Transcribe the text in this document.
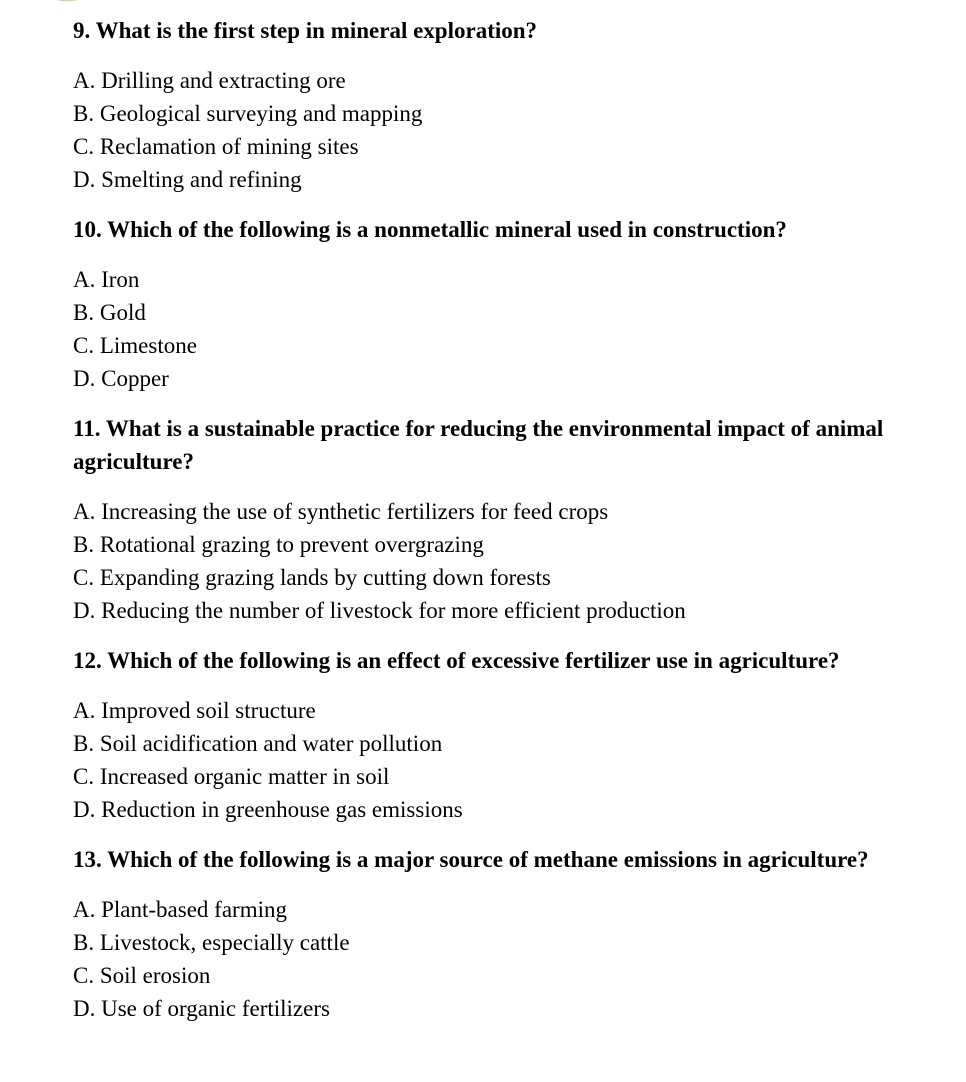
9. What is the first step in mineral exploration?
A. Drilling and extracting ore
B. Geological surveying and mapping
C. Reclamation of mining sites
D. Smelting and refining
10. Which of the following is a nonmetallic mineral used in construction?
A. Iron
B. Gold
C. Limestone
D. Copper
11. What is a sustainable practice for reducing the environmental impact of animal agriculture?
A. Increasing the use of synthetic fertilizers for feed crops
B. Rotational grazing to prevent overgrazing
C. Expanding grazing lands by cutting down forests
D. Reducing the number of livestock for more efficient production
12. Which of the following is an effect of excessive fertilizer use in agriculture?
A. Improved soil structure
B. Soil acidification and water pollution
C. Increased organic matter in soil
D. Reduction in greenhouse gas emissions
13. Which of the following is a major source of methane emissions in agriculture?
A. Plant-based farming
B. Livestock, especially cattle
C. Soil erosion
D. Use of organic fertilizers
